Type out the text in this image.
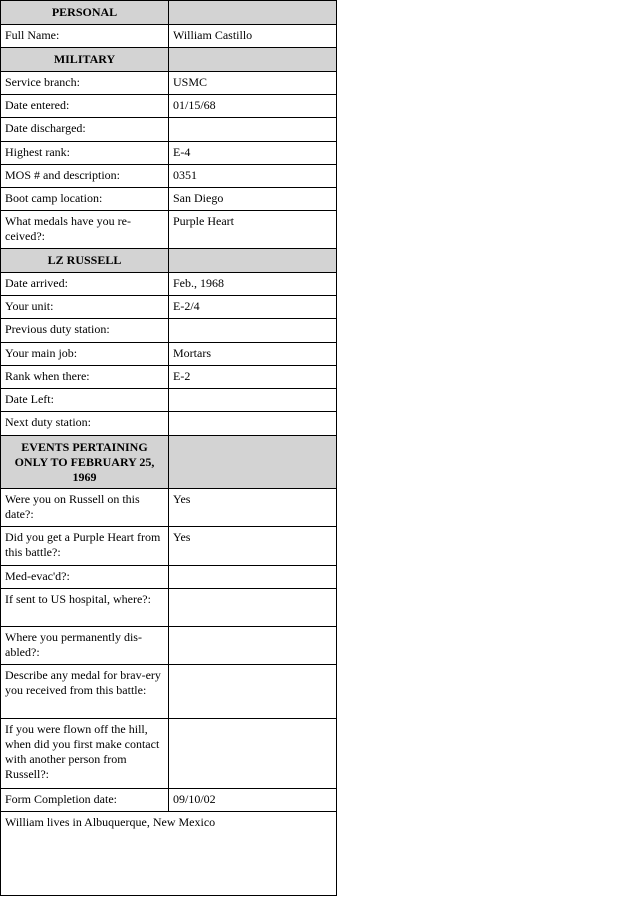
PERSONAL	
Full Name:	William Castillo
MILITARY	
Service branch:	USMC
Date entered:	01/15/68
Date discharged:	
Highest rank:	E-4
MOS # and description:	0351
Boot camp location:	San Diego
What medals have you re-ceived?:	Purple Heart
LZ RUSSELL	
Date arrived:	Feb., 1968
Your unit:	E-2/4
Previous duty station:	
Your main job:	Mortars
Rank when there:	E-2
Date Left:	
Next duty station:	
EVENTS PERTAINING ONLY TO FEBRUARY 25, 1969	
Were you on Russell on this date?:	Yes
Did you get a Purple Heart from this battle?:	Yes
Med-evac'd?:	
If sent to US hospital, where?:	
Where you permanently dis-abled?:	
Describe any medal for brav-ery you received from this battle:	
If you were flown off the hill, when did you first make contact with another person from Russell?:	
Form Completion date:	09/10/02
William lives in Albuquerque, New Mexico	
